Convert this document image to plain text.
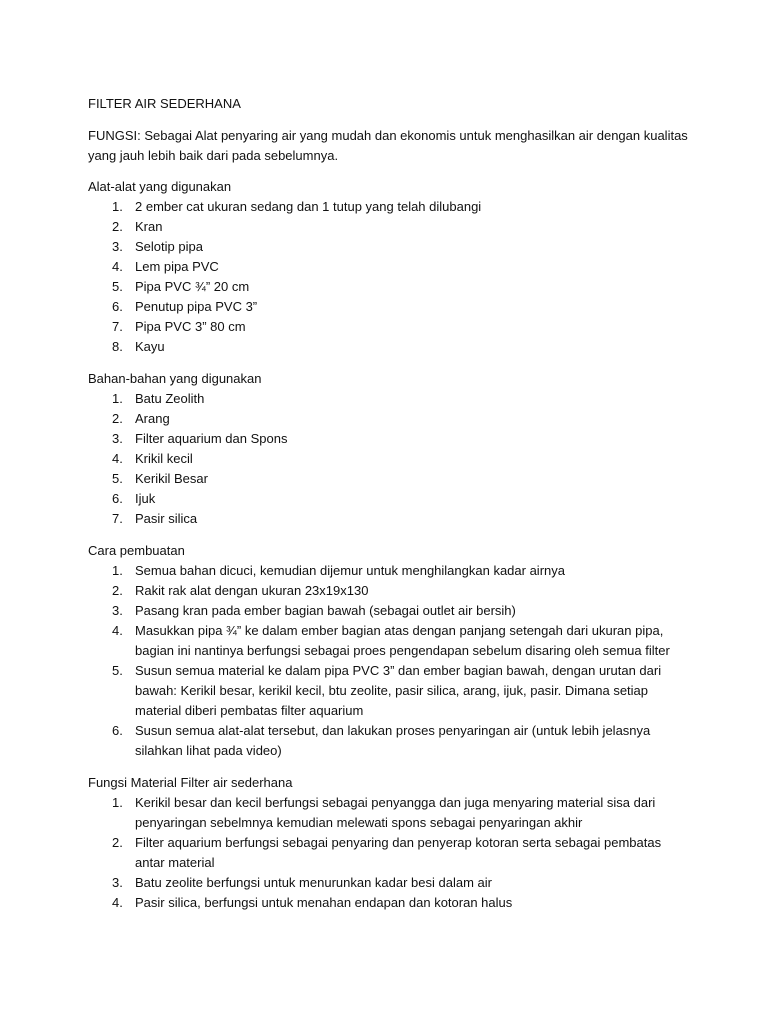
FILTER AIR SEDERHANA

FUNGSI: Sebagai Alat penyaring air yang mudah dan ekonomis untuk menghasilkan air dengan kualitas yang jauh lebih baik dari pada sebelumnya.

Alat-alat yang digunakan

1. 2 ember cat ukuran sedang dan 1 tutup yang telah dilubangi
2. Kran
3. Selotip pipa
4. Lem pipa PVC
5. Pipa PVC ¾” 20 cm
6. Penutup pipa PVC 3”
7. Pipa PVC 3” 80 cm
8. Kayu

Bahan-bahan yang digunakan

1. Batu Zeolith
2. Arang
3. Filter aquarium dan Spons
4. Krikil kecil
5. Kerikil Besar
6. Ijuk
7. Pasir silica

Cara pembuatan

1. Semua bahan dicuci, kemudian dijemur untuk menghilangkan kadar airnya
2. Rakit rak alat dengan ukuran 23x19x130
3. Pasang kran pada ember bagian bawah (sebagai outlet air bersih)
4. Masukkan pipa ¾” ke dalam ember bagian atas dengan panjang setengah dari ukuran pipa, bagian ini nantinya berfungsi sebagai proes pengendapan sebelum disaring oleh semua filter
5. Susun semua material ke dalam pipa PVC 3” dan ember bagian bawah, dengan urutan dari bawah: Kerikil besar, kerikil kecil, btu zeolite, pasir silica, arang, ijuk, pasir. Dimana setiap material diberi pembatas filter aquarium
6. Susun semua alat-alat tersebut, dan lakukan proses penyaringan air (untuk lebih jelasnya silahkan lihat pada video)

Fungsi Material Filter air sederhana

1. Kerikil besar dan kecil berfungsi sebagai penyangga dan juga menyaring material sisa dari penyaringan sebelmnya kemudian melewati spons sebagai penyaringan akhir
2. Filter aquarium berfungsi sebagai penyaring dan penyerap kotoran serta sebagai pembatas antar material
3. Batu zeolite berfungsi untuk menurunkan kadar besi dalam air
4. Pasir silica, berfungsi untuk menahan endapan dan kotoran halus
